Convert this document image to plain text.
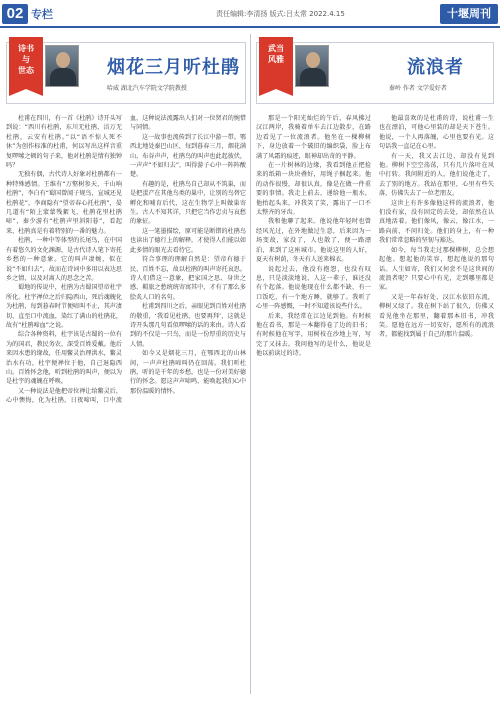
02 专栏	责任编辑:李清扬 版式:吕太常 2022.4.15	十堰周刊
诗书
与
世态	烟花三月听杜鹃
哈威 湖北汽车学院文学院教授

杜甫在四川，有一首《杜鹃》诗开头写到说：“西川有杜鹃，东川无杜鹃，涪万无杜鹃，云安有杜鹃。”以“语不惊人死不休”为创作标准的杜甫，何以写出这样音重复啰嗦之顿的句子来，他对杜鹃是情有独钟吗？

无独有偶，古代诗人好象对杜鹃都有一种特殊感情。王维有“万壑树参天，千山响杜鹃”，李白有“蜀国曾闻子规鸟，宣城还见杜鹃花”，李商隐有“望帝春心托杜鹃”，晏几道有“陌上蒙蒙残絮飞，杜鹃花里杜鹃啼”，秦少游有“杜鹃声里斜阳暮”，看起来，杜鹃真是有着特别的一番的魅力。

杜鹃，一种中等体型的长尾鸟，在中国有着悠久的文化渊源，是古代诗人笔下寄托乡愁的一种意象。它的叫声凄婉，似在说“不如归去”，故而在诗词中多用以表达思乡之情，以及对离人的思念之苦。

蜀地的传说中，杜鹃为古蜀国望帝杜宇所化。杜宇禅位之后归隐西山，死后魂魄化为杜鹃，每到暮春时节便啼叫不止，其声凄切，直至口中流血，染红了满山的杜鹃花，故有“杜鹃啼血”之说。

综合各种资料，杜宇该是古蜀的一位有为的国君，教民务农，深受百姓爱戴。他后来因水患的缘故，任用鳖灵治理洪水，鳖灵治水有功，杜宇便禅位于他，自己退隐西山。百姓怀念他，听到杜鹃的叫声，便以为是杜宇的魂魄在呼唤。

又一种说法是他把帝位禅让给鳖灵后，心中懊悔，化为杜鹃，日夜啼叫，口中流血，这种说法流露出人们对一位贤君的惋惜与同情。

这一故事也流传到了长江中游一带。鄂西北地处秦巴山区，每到暮春三月，烟花满山，布谷声声，杜鹃鸟的叫声也此起彼伏，一声声“不如归去”，叫得游子心中一阵阵酸楚。

有趣的是，杜鹃鸟自己却从不筑巢，而是把蛋产在其他鸟类的巢中，让别的鸟替它孵化和哺育后代，这在生物学上叫做巢寄生。古人不知其详，只把它当作忠贞与哀愁的象征。

这一笔墨描绘，原可能是断错的杜鹃鸟也读出了德行上的解释，才使得人们能以如此多情的眼光去看待它。

符合事理的理解自然是：望帝有德于民，百姓不忘，故以杜鹃的叫声寄托哀思。诗人们借这一意象，把家国之思、身世之感、羁旅之愁统统寄寓其中，才有了那么多脍炙人口的名句。

杜甫到四川之后，亲眼见到百姓对杜鹃的敬重，‘我看见杜鹃，也要再拜’，这就是诗开头那几句看似啰嗦的话的来由。诗人看到的不仅是一只鸟，而是一份厚重的历史与人情。

如今又是烟花三月，在鄂西北的山林间，一声声杜鹃啼叫仍在回荡。我们听杜鹃，听的是千年的乡愁，也是一份对美好德行的怀念。愿这声声啼鸣，能唤起我们心中那份温暖的情怀。

武当
风雅	流浪者
秦岭 作者 文学爱好者

那是一个阳光灿烂的午后，春风拂过汉江两岸，我骑着单车去江边散步，在路边看见了一位流浪者。他坐在一棵柳树下，身边放着一个破旧的编织袋，脸上布满了风霜的痕迹，眼神却出奇的平静。

在一片树林的边缘，我看到他正把捡来的纸箱一块块叠好，用绳子捆起来。他的动作很慢，却很认真，像是在做一件重要的事情。我走上前去，递给他一瓶水，他抬起头来，冲我笑了笑，露出了一口不太整齐的牙齿。

我和他聊了起来。他说他年轻时也曾经风光过，在外地做过生意，后来因为一场变故，家没了，人也散了，便一路漂泊，来到了这座城市。他说这里的人好，夏天有树荫，冬天有人送来棉衣。

说起过去，他没有抱怨，也没有叹息，只是淡淡地说，人这一辈子，谁还没有个起落。他说他现在什么都不缺，有一口饭吃，有一个地方睡，就够了。我听了心里一阵感慨，一时不知道该说些什么。

后来，我经常在江边见到他。有时候他在看书，那是一本翻得卷了边的旧书；有时候他在写字，用树枝在沙地上写，写完了又抹去。我问他写的是什么，他说是他以前读过的诗。

他最喜欢的是杜甫的诗，说杜甫一生也在漂泊，可他心里装的却是天下苍生。他说，一个人再落魄，心里也要有光。这句话我一直记在心里。

有一天，我又去江边，却没有见到他。柳树下空空荡荡，只有几片落叶在风中打转。我问附近的人，他们说他走了，去了别的地方。我站在那里，心里有些失落，仿佛失去了一位老朋友。

这世上有许多像他这样的流浪者，他们没有家，没有固定的去处，却依然在认真地活着。他们像风，像云，像江水，一路向前，不问归处。他们的身上，有一种我们常常忽略的坚韧与豁达。

如今，每当我走过那棵柳树，总会想起他。想起他的笑容，想起他说的那句话。人生如寄，我们又何尝不是这世间的流浪者呢？只要心中有光，走到哪里都是家。

又是一年春好处，汉江水依旧东流，柳树又绿了。我在树下站了很久，仿佛又看见他坐在那里，翻着那本旧书，冲我笑。愿他在远方一切安好，愿所有的流浪者，都能找到属于自己的那片温暖。
